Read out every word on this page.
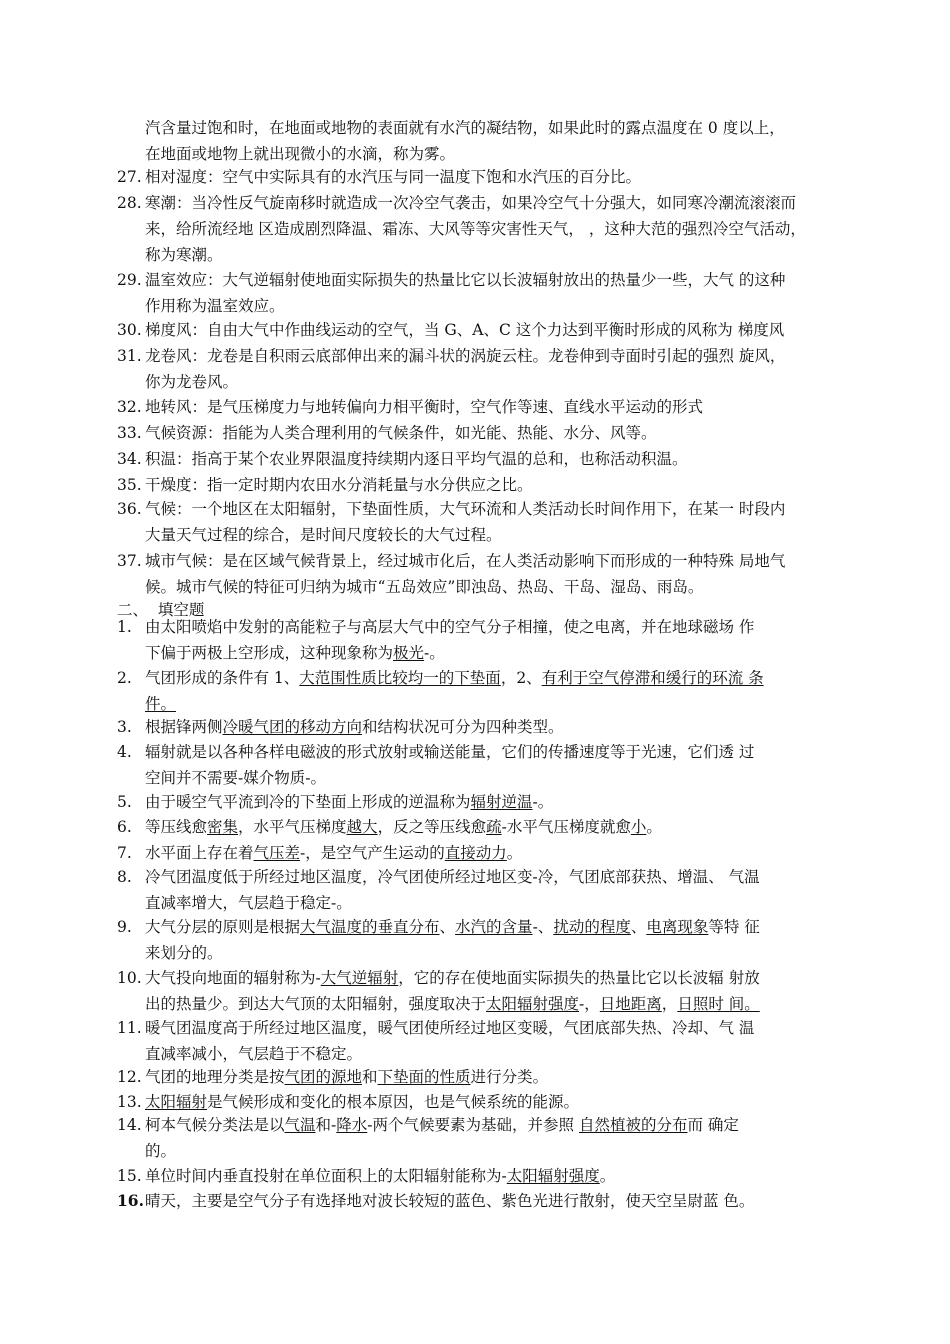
汽含量过饱和时，在地面或地物的表面就有水汽的凝结物，如果此时的露点温度在 0 度以上，
在地面或地物上就出现微小的水滴，称为雾。
27. 相对湿度：空气中实际具有的水汽压与同一温度下饱和水汽压的百分比。
28. 寒潮：当冷性反气旋南移时就造成一次冷空气袭击，如果冷空气十分强大，如同寒冷潮流滚滚而
来，给所流经地 区造成剧烈降温、霜冻、大风等等灾害性天气， ，这种大范的强烈冷空气活动，
称为寒潮。
29. 温室效应：大气逆辐射使地面实际损失的热量比它以长波辐射放出的热量少一些，大气 的这种
作用称为温室效应。
30. 梯度风：自由大气中作曲线运动的空气，当 G、A、C 这个力达到平衡时形成的风称为 梯度风
31. 龙卷风：龙卷是自积雨云底部伸出来的漏斗状的涡旋云柱。龙卷伸到寺面时引起的强烈 旋风，
你为龙卷风。
32. 地转风：是气压梯度力与地转偏向力相平衡时，空气作等速、直线水平运动的形式
33. 气候资源：指能为人类合理利用的气候条件，如光能、热能、水分、风等。
34. 积温：指高于某个农业界限温度持续期内逐日平均气温的总和，也称活动积温。
35. 干燥度：指一定时期内农田水分消耗量与水分供应之比。
36. 气候：一个地区在太阳辐射，下垫面性质，大气环流和人类活动长时间作用下，在某一 时段内
大量天气过程的综合，是时间尺度较长的大气过程。
37. 城市气候：是在区域气候背景上，经过城市化后，在人类活动影响下而形成的一种特殊 局地气
候。城市气候的特征可归纳为城市“五岛效应”即浊岛、热岛、干岛、湿岛、雨岛。
二、  填空题
1. 由太阳喷焰中发射的高能粒子与高层大气中的空气分子相撞，使之电离，并在地球磁场 作
下偏于两极上空形成，这种现象称为极光-。
2. 气团形成的条件有 1、大范围性质比较均一的下垫面，2、有利于空气停滞和缓行的环流 条
件。
3. 根据锋两侧冷暖气团的移动方向和结构状况可分为四种类型。
4. 辐射就是以各种各样电磁波的形式放射或输送能量，它们的传播速度等于光速，它们透 过
空间并不需要-媒介物质-。
5. 由于暖空气平流到冷的下垫面上形成的逆温称为辐射逆温-。
6. 等压线愈密集，水平气压梯度越大，反之等压线愈疏-水平气压梯度就愈小。
7. 水平面上存在着气压差-，是空气产生运动的直接动力。
8. 冷气团温度低于所经过地区温度，冷气团使所经过地区变-冷，气团底部获热、增温、 气温
直减率增大，气层趋于稳定-。
9. 大气分层的原则是根据大气温度的垂直分布、水汽的含量-、扰动的程度、电离现象等特 征
来划分的。
10. 大气投向地面的辐射称为-大气逆辐射，它的存在使地面实际损失的热量比它以长波辐 射放
出的热量少。到达大气顶的太阳辐射，强度取决于太阳辐射强度-，日地距离，日照时 间。
11. 暖气团温度高于所经过地区温度，暖气团使所经过地区变暖，气团底部失热、冷却、气 温
直减率减小，气层趋于不稳定。
12. 气团的地理分类是按气团的源地和下垫面的性质进行分类。
13. 太阳辐射是气候形成和变化的根本原因，也是气候系统的能源。
14. 柯本气候分类法是以气温和-降水-两个气候要素为基础，并参照 自然植被的分布而 确定
的。
15. 单位时间内垂直投射在单位面积上的太阳辐射能称为-太阳辐射强度。
16. 晴天，主要是空气分子有选择地对波长较短的蓝色、紫色光进行散射，使天空呈尉蓝 色。
